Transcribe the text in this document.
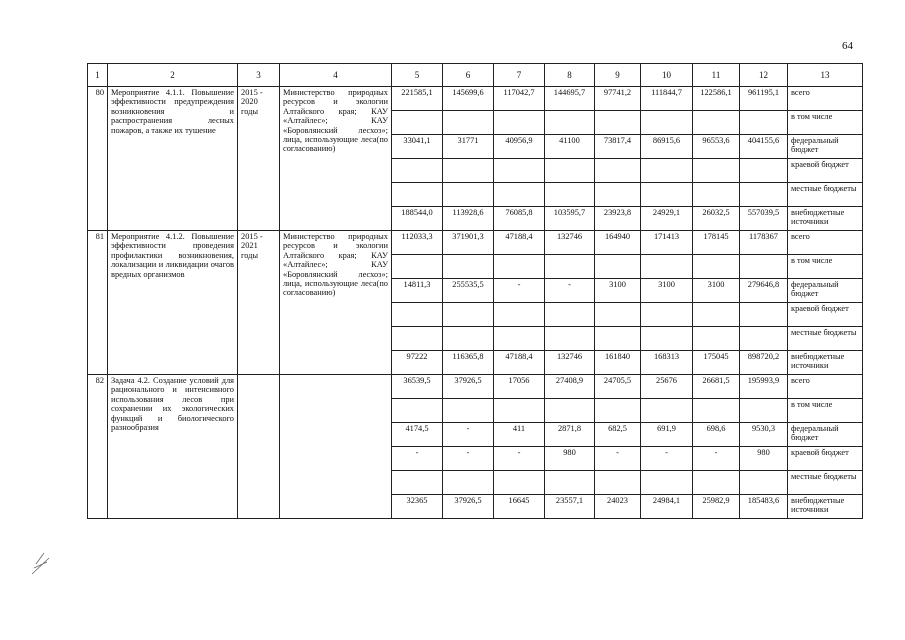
64
1	2	3	4	5	6	7	8	9	10	11	12	13
80	Мероприятие 4.1.1. Повышение эффективности предупреждения возникновения и распространения лесных пожаров, а также их тушение	2015 - 2020 годы	Министерство природных ресурсов и экологии Алтайского края; КАУ «Алтайлес»; КАУ «Боровлянский лесхоз»; лица, использующие леса(по согласованию)	221585,1	145699,6	117042,7	144695,7	97741,2	111844,7	122586,1	961195,1	всего
												в том числе
				33041,1	31771	40956,9	41100	73817,4	86915,6	96553,6	404155,6	федеральный бюджет
												краевой бюджет
												местные бюджеты
				188544,0	113928,6	76085,8	103595,7	23923,8	24929,1	26032,5	557039,5	внебюджетные источники
81	Мероприятие 4.1.2. Повышение эффективности проведения профилактики возникновения, локализации и ликвидации очагов вредных организмов	2015 - 2021 годы	Министерство природных ресурсов и экологии Алтайского края; КАУ «Алтайлес»; КАУ «Боровлянский лесхоз»; лица, использующие леса(по согласованию)	112033,3	371901,3	47188,4	132746	164940	171413	178145	1178367	всего
												в том числе
				14811,3	255535,5	-	-	3100	3100	3100	279646,8	федеральный бюджет
												краевой бюджет
												местные бюджеты
				97222	116365,8	47188,4	132746	161840	168313	175045	898720,2	внебюджетные источники
82	Задача 4.2. Создание условий для рационального и интенсивного использования лесов при сохранении их экологических функций и биологического разнообразия			36539,5	37926,5	17056	27408,9	24705,5	25676	26681,5	195993,9	всего
												в том числе
				4174,5	-	411	2871,8	682,5	691,9	698,6	9530,3	федеральный бюджет
				-	-	-	980	-	-	-	980	краевой бюджет
												местные бюджеты
				32365	37926,5	16645	23557,1	24023	24984,1	25982,9	185483,6	внебюджетные источники
